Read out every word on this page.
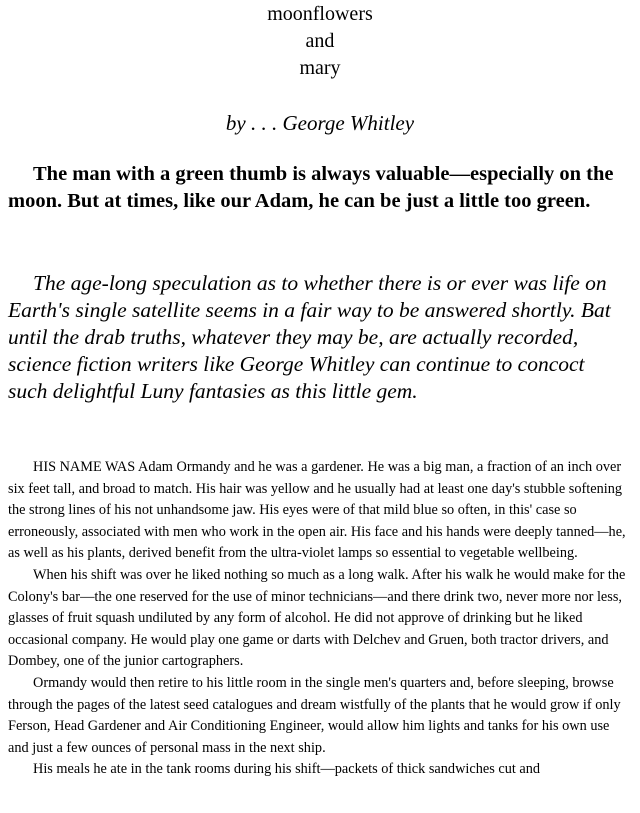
moonflowers
and
mary
by . . . George Whitley

The man with a green thumb is always valuable—especially on the moon. But at times, like our Adam, he can be just a little too green.

The age-long speculation as to whether there is or ever was life on Earth's single satellite seems in a fair way to be answered shortly. Bat until the drab truths, whatever they may be, are actually recorded, science fiction writers like George Whitley can continue to concoct such delightful Luny fantasies as this little gem.

HIS NAME WAS Adam Ormandy and he was a gardener. He was a big man, a fraction of an inch over six feet tall, and broad to match. His hair was yellow and he usually had at least one day's stubble softening the strong lines of his not unhandsome jaw. His eyes were of that mild blue so often, in this' case so erroneously, associated with men who work in the open air. His face and his hands were deeply tanned—he, as well as his plants, derived benefit from the ultra-violet lamps so essential to vegetable wellbeing.

When his shift was over he liked nothing so much as a long walk. After his walk he would make for the Colony's bar—the one reserved for the use of minor technicians—and there drink two, never more nor less, glasses of fruit squash undiluted by any form of alcohol. He did not approve of drinking but he liked occasional company. He would play one game or darts with Delchev and Gruen, both tractor drivers, and Dombey, one of the junior cartographers.

Ormandy would then retire to his little room in the single men's quarters and, before sleeping, browse through the pages of the latest seed catalogues and dream wistfully of the plants that he would grow if only Ferson, Head Gardener and Air Conditioning Engineer, would allow him lights and tanks for his own use and just a few ounces of personal mass in the next ship.

His meals he ate in the tank rooms during his shift—packets of thick sandwiches cut and
